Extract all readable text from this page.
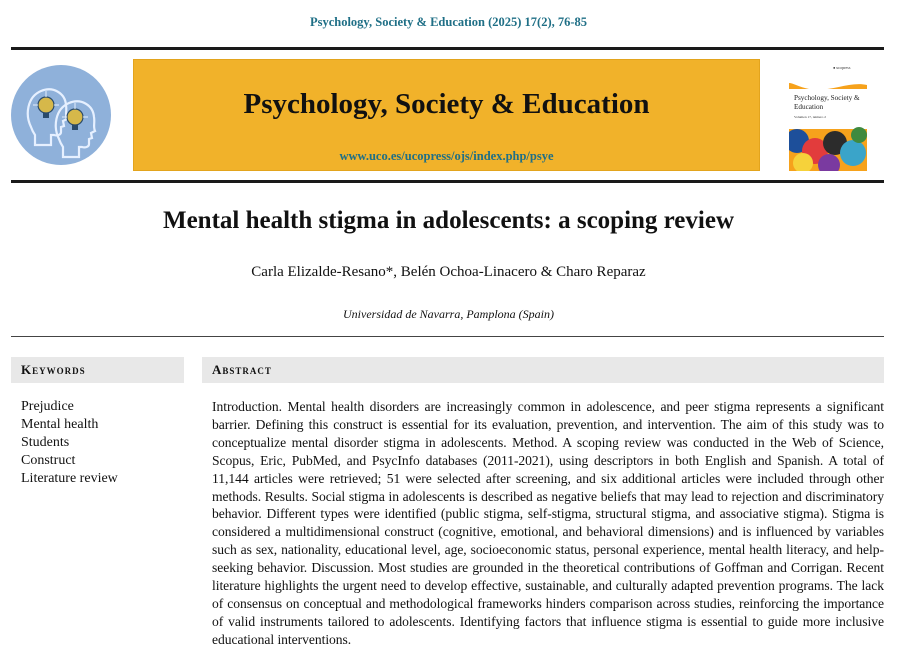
Psychology, Society & Education (2025) 17(2), 76-85
Psychology, Society & Education
www.uco.es/ucopress/ojs/index.php/psye
● ucopress
Psychology, Society & Education
Volumen 17, número 2
Mental health stigma in adolescents: a scoping review
Carla Elizalde-Resano*, Belén Ochoa-Linacero & Charo Reparaz
Universidad de Navarra, Pamplona (Spain)
Keywords	Abstract
Prejudice
Mental health
Students
Construct
Literature review
Introduction. Mental health disorders are increasingly common in adolescence, and peer stigma represents a significant barrier. Defining this construct is essential for its evaluation, prevention, and intervention. The aim of this study was to conceptualize mental disorder stigma in adolescents. Method. A scoping review was conducted in the Web of Science, Scopus, Eric, PubMed, and PsycInfo databases (2011-2021), using descriptors in both English and Spanish. A total of 11,144 articles were retrieved; 51 were selected after screening, and six additional articles were included through other methods. Results. Social stigma in adolescents is described as negative beliefs that may lead to rejection and discriminatory behavior. Different types were identified (public stigma, self-stigma, structural stigma, and associative stigma). Stigma is considered a multidimensional construct (cognitive, emotional, and behavioral dimensions) and is influenced by variables such as sex, nationality, educational level, age, socioeconomic status, personal experience, mental health literacy, and help-seeking behavior. Discussion. Most studies are grounded in the theoretical contributions of Goffman and Corrigan. Recent literature highlights the urgent need to develop effective, sustainable, and culturally adapted prevention programs. The lack of consensus on conceptual and methodological frameworks hinders comparison across studies, reinforcing the importance of valid instruments tailored to adolescents. Identifying factors that influence stigma is essential to guide more inclusive educational interventions.
